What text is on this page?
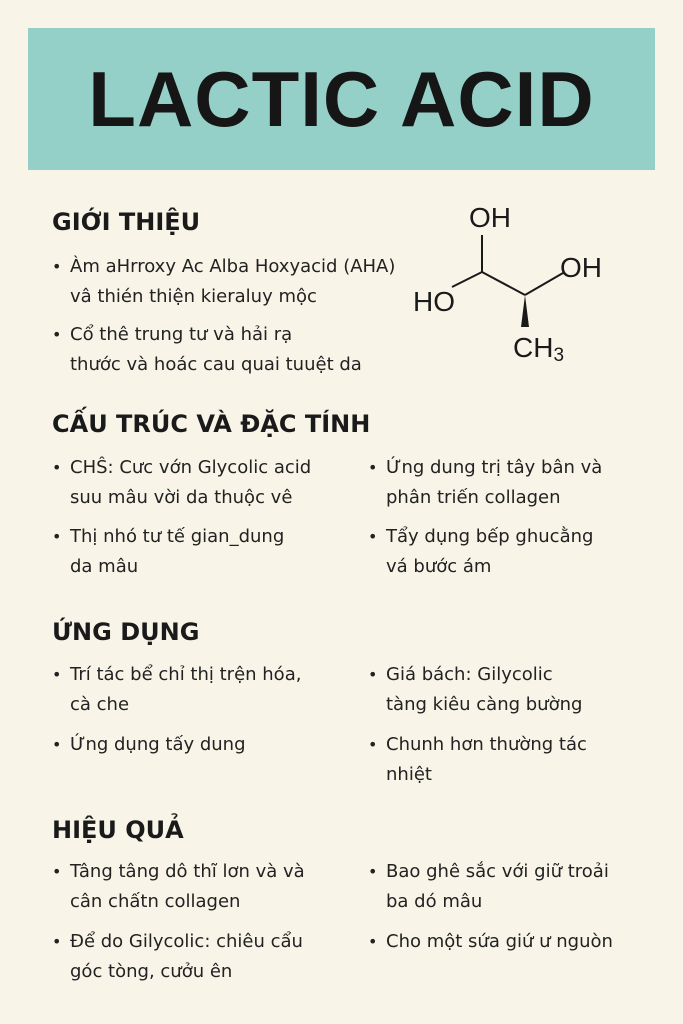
LACTIC ACID
GIỚI THIỆU
• Àm aHrroxy Ac Alba Hoxyacid (AHA)
vâ thién thiện kieraluy mộc
• Cổ thê trung tư và hải rạ
thước và hoác cau quai tuuệt da
OH
OH
HO
CH3
CẤU TRÚC VÀ ĐẶC TÍNH
• CHŜ: Cưc vớn Glycolic acid
suu mâu vời da thuộc vê
• Ứng dung trị tây bân và
phân triến collagen
• Thị nhó tư tế gian_dung
da mâu
• Tẩy dụng bếp ghucằng
vá bước ám
ỨNG DỤNG
• Trí tác bể chỉ thị trện hóa,
cà che
• Giá bách: Gilycolic
tàng kiêu càng bường
• Ứng dụng tấy dung	• Chunh hơn thường tác
nhiệt
HIỆU QUẢ
• Tâng tâng dô thĩ lơn và và
cân chấtn collagen
• Bao ghê sắc với giữ troải
ba dó mâu
• Để do Gilycolic: chiêu cẩu
góc tòng, cưởu ên
• Cho một sứa giứ ư nguòn
